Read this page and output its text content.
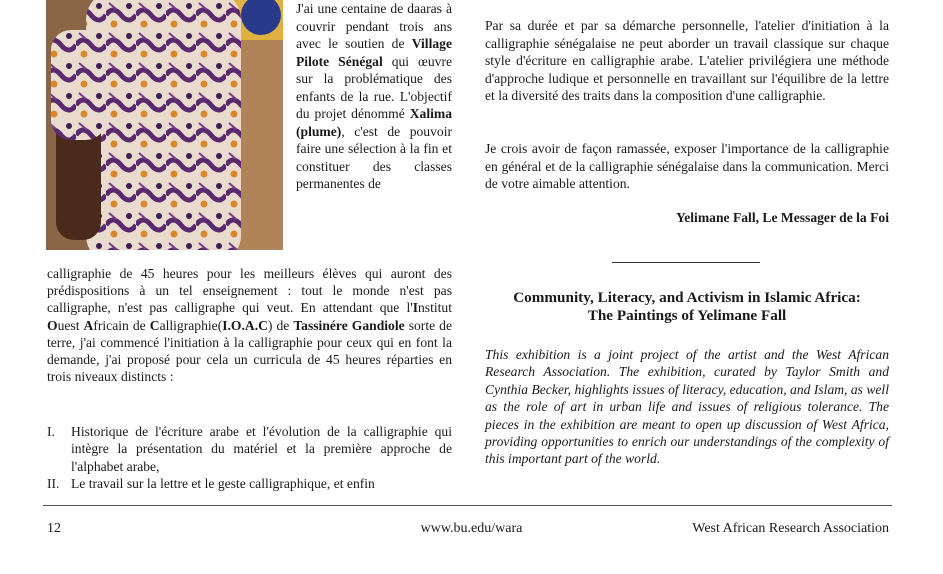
J'ai une centaine de daaras à couvrir pendant trois ans avec le soutien de Village Pilote Sénégal qui œuvre sur la problématique des enfants de la rue. L'objectif du projet dénommé Xalima (plume), c'est de pouvoir faire une sélection à la fin et constituer des classes permanentes de
calligraphie de 45 heures pour les meilleurs élèves qui auront des prédispositions à un tel enseignement : tout le monde n'est pas calligraphe, n'est pas calligraphe qui veut. En attendant que l'Institut Ouest Africain de Calligraphie(I.O.A.C) de Tassinére Gandiole sorte de terre, j'ai commencé l'initiation à la calligraphie pour ceux qui en font la demande, j'ai proposé pour cela un curricula de 45 heures réparties en trois niveaux distincts :
I. Historique de l'écriture arabe et l'évolution de la calligraphie qui intègre la présentation du matériel et la première approche de l'alphabet arabe,
II. Le travail sur la lettre et le geste calligraphique, et enfin
Par sa durée et par sa démarche personnelle, l'atelier d'initiation à la calligraphie sénégalaise ne peut aborder un travail classique sur chaque style d'écriture en calligraphie arabe. L'atelier privilégiera une méthode d'approche ludique et personnelle en travaillant sur l'équilibre de la lettre et la diversité des traits dans la composition d'une calligraphie.
Je crois avoir de façon ramassée, exposer l'importance de la calligraphie en général et de la calligraphie sénégalaise dans la communication. Merci de votre aimable attention.
Yelimane Fall, Le Messager de la Foi
Community, Literacy, and Activism in Islamic Africa:
The Paintings of Yelimane Fall
This exhibition is a joint project of the artist and the West African Research Association. The exhibition, curated by Taylor Smith and Cynthia Becker, highlights issues of literacy, education, and Islam, as well as the role of art in urban life and issues of religious tolerance. The pieces in the exhibition are meant to open up discussion of West Africa, providing opportunities to enrich our understandings of the complexity of this important part of the world.
www.bu.edu/wara
12	West African Research Association
